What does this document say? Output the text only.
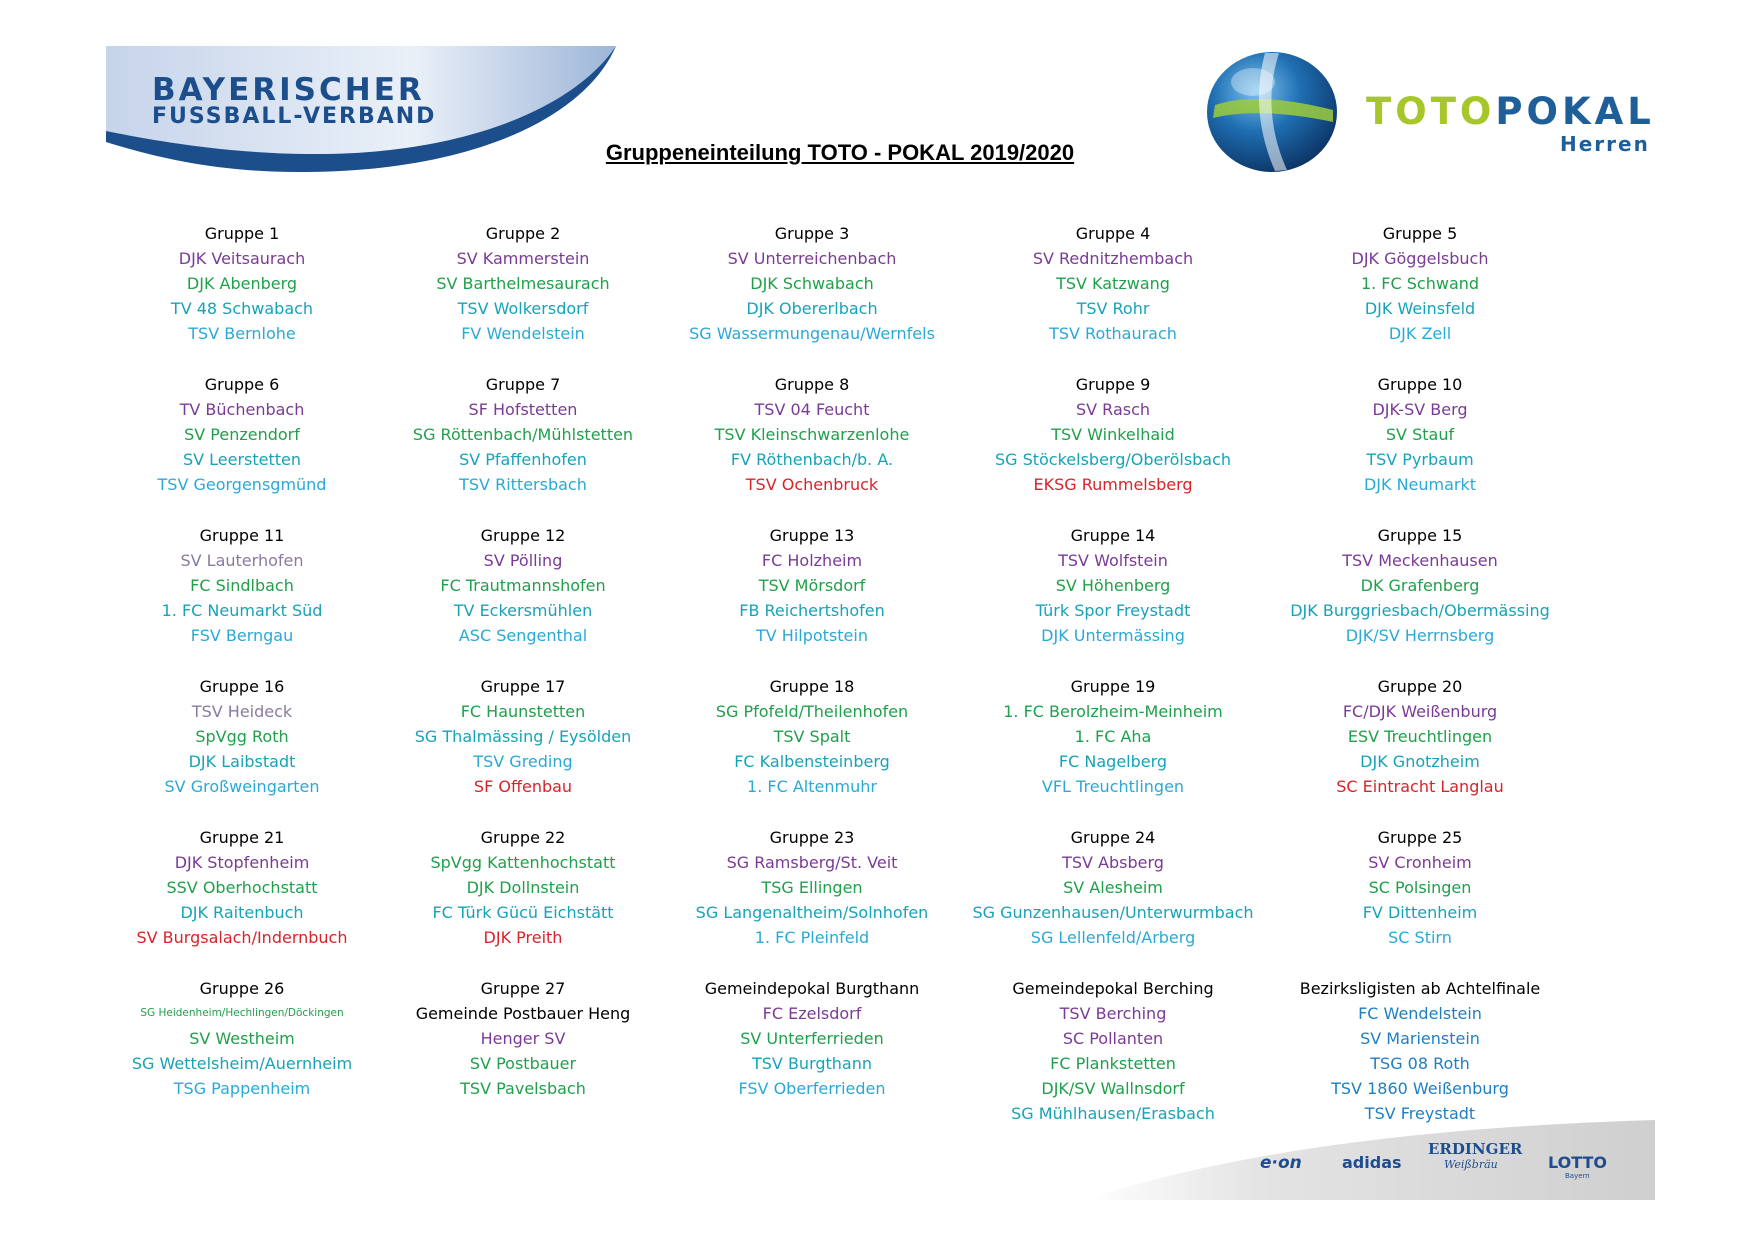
BAYERISCHER
FUSSBALL-VERBAND
Gruppeneinteilung TOTO - POKAL 2019/2020
TOTOPOKAL
Herren
Gruppe 1
DJK Veitsaurach
DJK Abenberg
TV 48 Schwabach
TSV Bernlohe
Gruppe 2
SV Kammerstein
SV Barthelmesaurach
TSV Wolkersdorf
FV Wendelstein
Gruppe 3
SV Unterreichenbach
DJK Schwabach
DJK Obererlbach
SG Wassermungenau/Wernfels
Gruppe 4
SV Rednitzhembach
TSV Katzwang
TSV Rohr
TSV Rothaurach
Gruppe 5
DJK Göggelsbuch
1. FC Schwand
DJK Weinsfeld
DJK Zell
Gruppe 6
TV Büchenbach
SV Penzendorf
SV Leerstetten
TSV Georgensgmünd
Gruppe 7
SF Hofstetten
SG Röttenbach/Mühlstetten
SV Pfaffenhofen
TSV Rittersbach
Gruppe 8
TSV 04 Feucht
TSV Kleinschwarzenlohe
FV Röthenbach/b. A.
TSV Ochenbruck
Gruppe 9
SV Rasch
TSV Winkelhaid
SG Stöckelsberg/Oberölsbach
EKSG Rummelsberg
Gruppe 10
DJK-SV Berg
SV Stauf
TSV Pyrbaum
DJK Neumarkt
Gruppe 11
SV Lauterhofen
FC Sindlbach
1. FC Neumarkt Süd
FSV Berngau
Gruppe 12
SV Pölling
FC Trautmannshofen
TV Eckersmühlen
ASC Sengenthal
Gruppe 13
FC Holzheim
TSV Mörsdorf
FB Reichertshofen
TV Hilpotstein
Gruppe 14
TSV Wolfstein
SV Höhenberg
Türk Spor Freystadt
DJK Untermässing
Gruppe 15
TSV Meckenhausen
DK Grafenberg
DJK Burggriesbach/Obermässing
DJK/SV Herrnsberg
Gruppe 16
TSV Heideck
SpVgg Roth
DJK Laibstadt
SV Großweingarten
Gruppe 17
FC Haunstetten
SG Thalmässing / Eysölden
TSV Greding
SF Offenbau
Gruppe 18
SG Pfofeld/Theilenhofen
TSV Spalt
FC Kalbensteinberg
1. FC Altenmuhr
Gruppe 19
1. FC Berolzheim-Meinheim
1. FC Aha
FC Nagelberg
VFL Treuchtlingen
Gruppe 20
FC/DJK Weißenburg
ESV Treuchtlingen
DJK Gnotzheim
SC Eintracht Langlau
Gruppe 21
DJK Stopfenheim
SSV Oberhochstatt
DJK Raitenbuch
SV Burgsalach/Indernbuch
Gruppe 22
SpVgg Kattenhochstatt
DJK Dollnstein
FC Türk Gücü Eichstätt
DJK Preith
Gruppe 23
SG Ramsberg/St. Veit
TSG Ellingen
SG Langenaltheim/Solnhofen
1. FC Pleinfeld
Gruppe 24
TSV Absberg
SV Alesheim
SG Gunzenhausen/Unterwurmbach
SG Lellenfeld/Arberg
Gruppe 25
SV Cronheim
SC Polsingen
FV Dittenheim
SC Stirn
Gruppe 26
SG Heidenheim/Hechlingen/Döckingen
SV Westheim
SG Wettelsheim/Auernheim
TSG Pappenheim
Gruppe 27
Gemeinde Postbauer Heng
Henger SV
SV Postbauer
TSV Pavelsbach
Gemeindepokal Burgthann
FC Ezelsdorf
SV Unterferrieden
TSV Burgthann
FSV Oberferrieden
Gemeindepokal Berching
TSV Berching
SC Pollanten
FC Plankstetten
DJK/SV Wallnsdorf
SG Mühlhausen/Erasbach
Bezirksligisten ab Achtelfinale
FC Wendelstein
SV Marienstein
TSG 08 Roth
TSV 1860 Weißenburg
TSV Freystadt
e·on	adidas
ERDINGER
Weißbräu	LOTTO
Bayern
